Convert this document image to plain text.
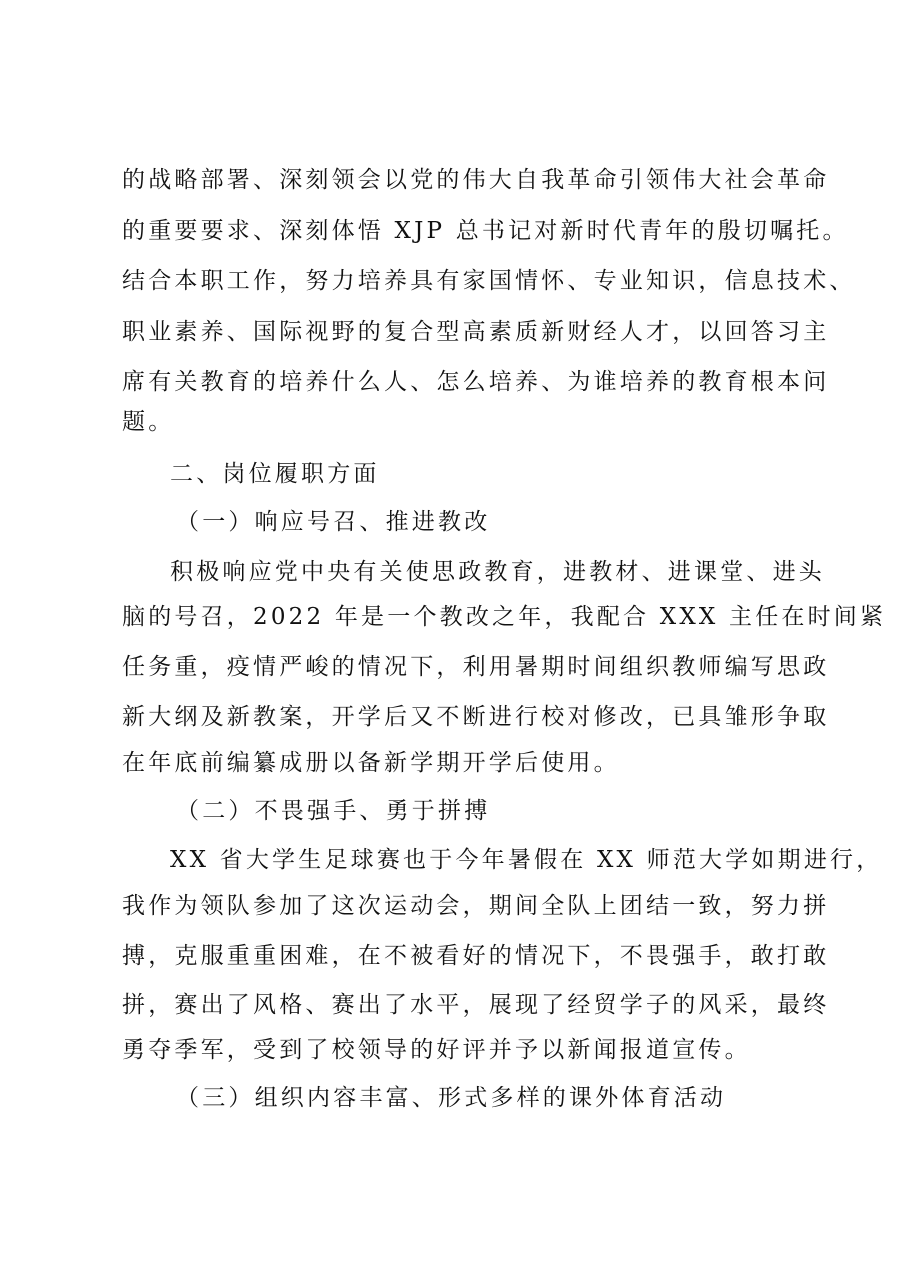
的战略部署、深刻领会以党的伟大自我革命引领伟大社会革命
的重要要求、深刻体悟 XJP 总书记对新时代青年的殷切嘱托。
结合本职工作，努力培养具有家国情怀、专业知识，信息技术、
职业素养、国际视野的复合型高素质新财经人才，以回答习主
席有关教育的培养什么人、怎么培养、为谁培养的教育根本问
题。
二、岗位履职方面
（一）响应号召、推进教改
积极响应党中央有关使思政教育，进教材、进课堂、进头
脑的号召，2022 年是一个教改之年，我配合 XXX 主任在时间紧
任务重，疫情严峻的情况下，利用暑期时间组织教师编写思政
新大纲及新教案，开学后又不断进行校对修改，已具雏形争取
在年底前编纂成册以备新学期开学后使用。
（二）不畏强手、勇于拼搏
XX 省大学生足球赛也于今年暑假在 XX 师范大学如期进行，
我作为领队参加了这次运动会，期间全队上团结一致，努力拼
搏，克服重重困难，在不被看好的情况下，不畏强手，敢打敢
拼，赛出了风格、赛出了水平，展现了经贸学子的风采，最终
勇夺季军，受到了校领导的好评并予以新闻报道宣传。
（三）组织内容丰富、形式多样的课外体育活动
